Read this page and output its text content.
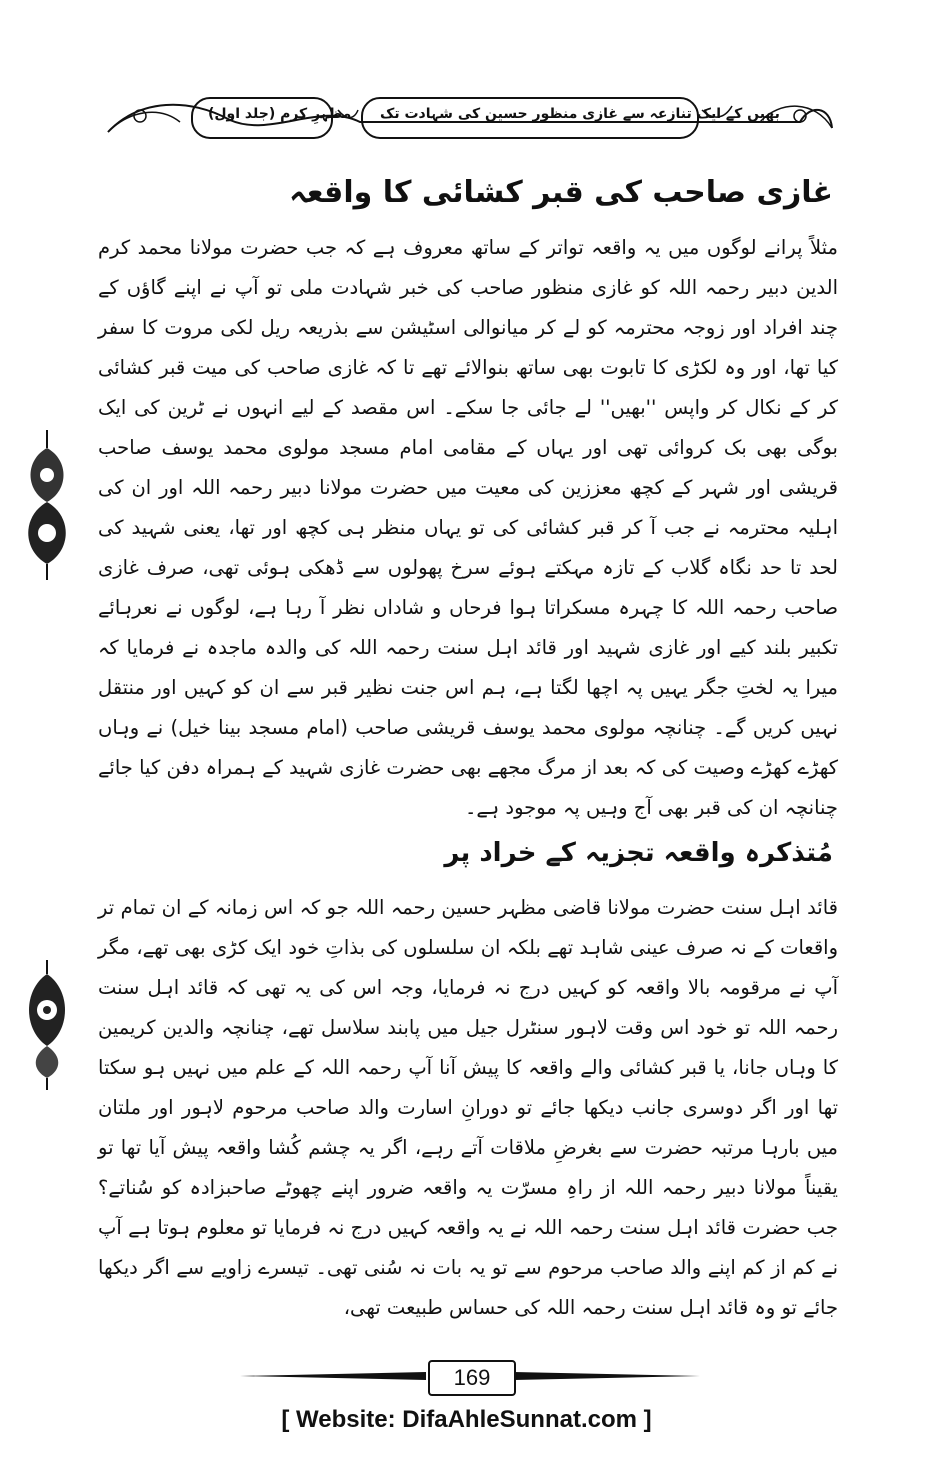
مظہرِ کرم (جلد اول) بھیں کے ایک تنازعہ سے غازی منظور حسین کی شہادت تک
غازی صاحب کی قبر کشائی کا واقعہ

مثلاً پرانے لوگوں میں یہ واقعہ تواتر کے ساتھ معروف ہے کہ جب حضرت مولانا محمد کرم الدین دبیر رحمہ اللہ کو غازی منظور صاحب کی خبر شہادت ملی تو آپ نے اپنے گاؤں کے چند افراد اور زوجہ محترمہ کو لے کر میانوالی اسٹیشن سے بذریعہ ریل لکی مروت کا سفر کیا تھا، اور وہ لکڑی کا تابوت بھی ساتھ بنوالائے تھے تا کہ غازی صاحب کی میت قبر کشائی کر کے نکال کر واپس ''بھیں'' لے جائی جا سکے۔ اس مقصد کے لیے انہوں نے ٹرین کی ایک بوگی بھی بک کروائی تھی اور یہاں کے مقامی امام مسجد مولوی محمد یوسف صاحب قریشی اور شہر کے کچھ معززین کی معیت میں حضرت مولانا دبیر رحمہ اللہ اور ان کی اہلیہ محترمہ نے جب آ کر قبر کشائی کی تو یہاں منظر ہی کچھ اور تھا، یعنی شہید کی لحد تا حد نگاہ گلاب کے تازہ مہکتے ہوئے سرخ پھولوں سے ڈھکی ہوئی تھی، صرف غازی صاحب رحمہ اللہ کا چہرہ مسکراتا ہوا فرحاں و شاداں نظر آ رہا ہے، لوگوں نے نعرہائے تکبیر بلند کیے اور غازی شہید اور قائد اہل سنت رحمہ اللہ کی والدہ ماجدہ نے فرمایا کہ میرا یہ لختِ جگر یہیں پہ اچھا لگتا ہے، ہم اس جنت نظیر قبر سے ان کو کہیں اور منتقل نہیں کریں گے۔ چنانچہ مولوی محمد یوسف قریشی صاحب (امام مسجد بینا خیل) نے وہاں کھڑے کھڑے وصیت کی کہ بعد از مرگ مجھے بھی حضرت غازی شہید کے ہمراہ دفن کیا جائے چنانچہ ان کی قبر بھی آج وہیں پہ موجود ہے۔

مُتذکرہ واقعہ تجزیہ کے خراد پر

قائد اہل سنت حضرت مولانا قاضی مظہر حسین رحمہ اللہ جو کہ اس زمانہ کے ان تمام تر واقعات کے نہ صرف عینی شاہد تھے بلکہ ان سلسلوں کی بذاتِ خود ایک کڑی بھی تھے، مگر آپ نے مرقومہ بالا واقعہ کو کہیں درج نہ فرمایا، وجہ اس کی یہ تھی کہ قائد اہل سنت رحمہ اللہ تو خود اس وقت لاہور سنٹرل جیل میں پابند سلاسل تھے، چنانچہ والدین کریمین کا وہاں جانا، یا قبر کشائی والے واقعہ کا پیش آنا آپ رحمہ اللہ کے علم میں نہیں ہو سکتا تھا اور اگر دوسری جانب دیکھا جائے تو دورانِ اسارت والد صاحب مرحوم لاہور اور ملتان میں بارہا مرتبہ حضرت سے بغرضِ ملاقات آتے رہے، اگر یہ چشم کُشا واقعہ پیش آیا تھا تو یقیناً مولانا دبیر رحمہ اللہ از راہِ مسرّت یہ واقعہ ضرور اپنے چھوٹے صاحبزادہ کو سُناتے؟ جب حضرت قائد اہل سنت رحمہ اللہ نے یہ واقعہ کہیں درج نہ فرمایا تو معلوم ہوتا ہے آپ نے کم از کم اپنے والد صاحب مرحوم سے تو یہ بات نہ سُنی تھی۔ تیسرے زاویے سے اگر دیکھا جائے تو وہ قائد اہل سنت رحمہ اللہ کی حساس طبیعت تھی،

169
[ Website: DifaAhleSunnat.com ]
